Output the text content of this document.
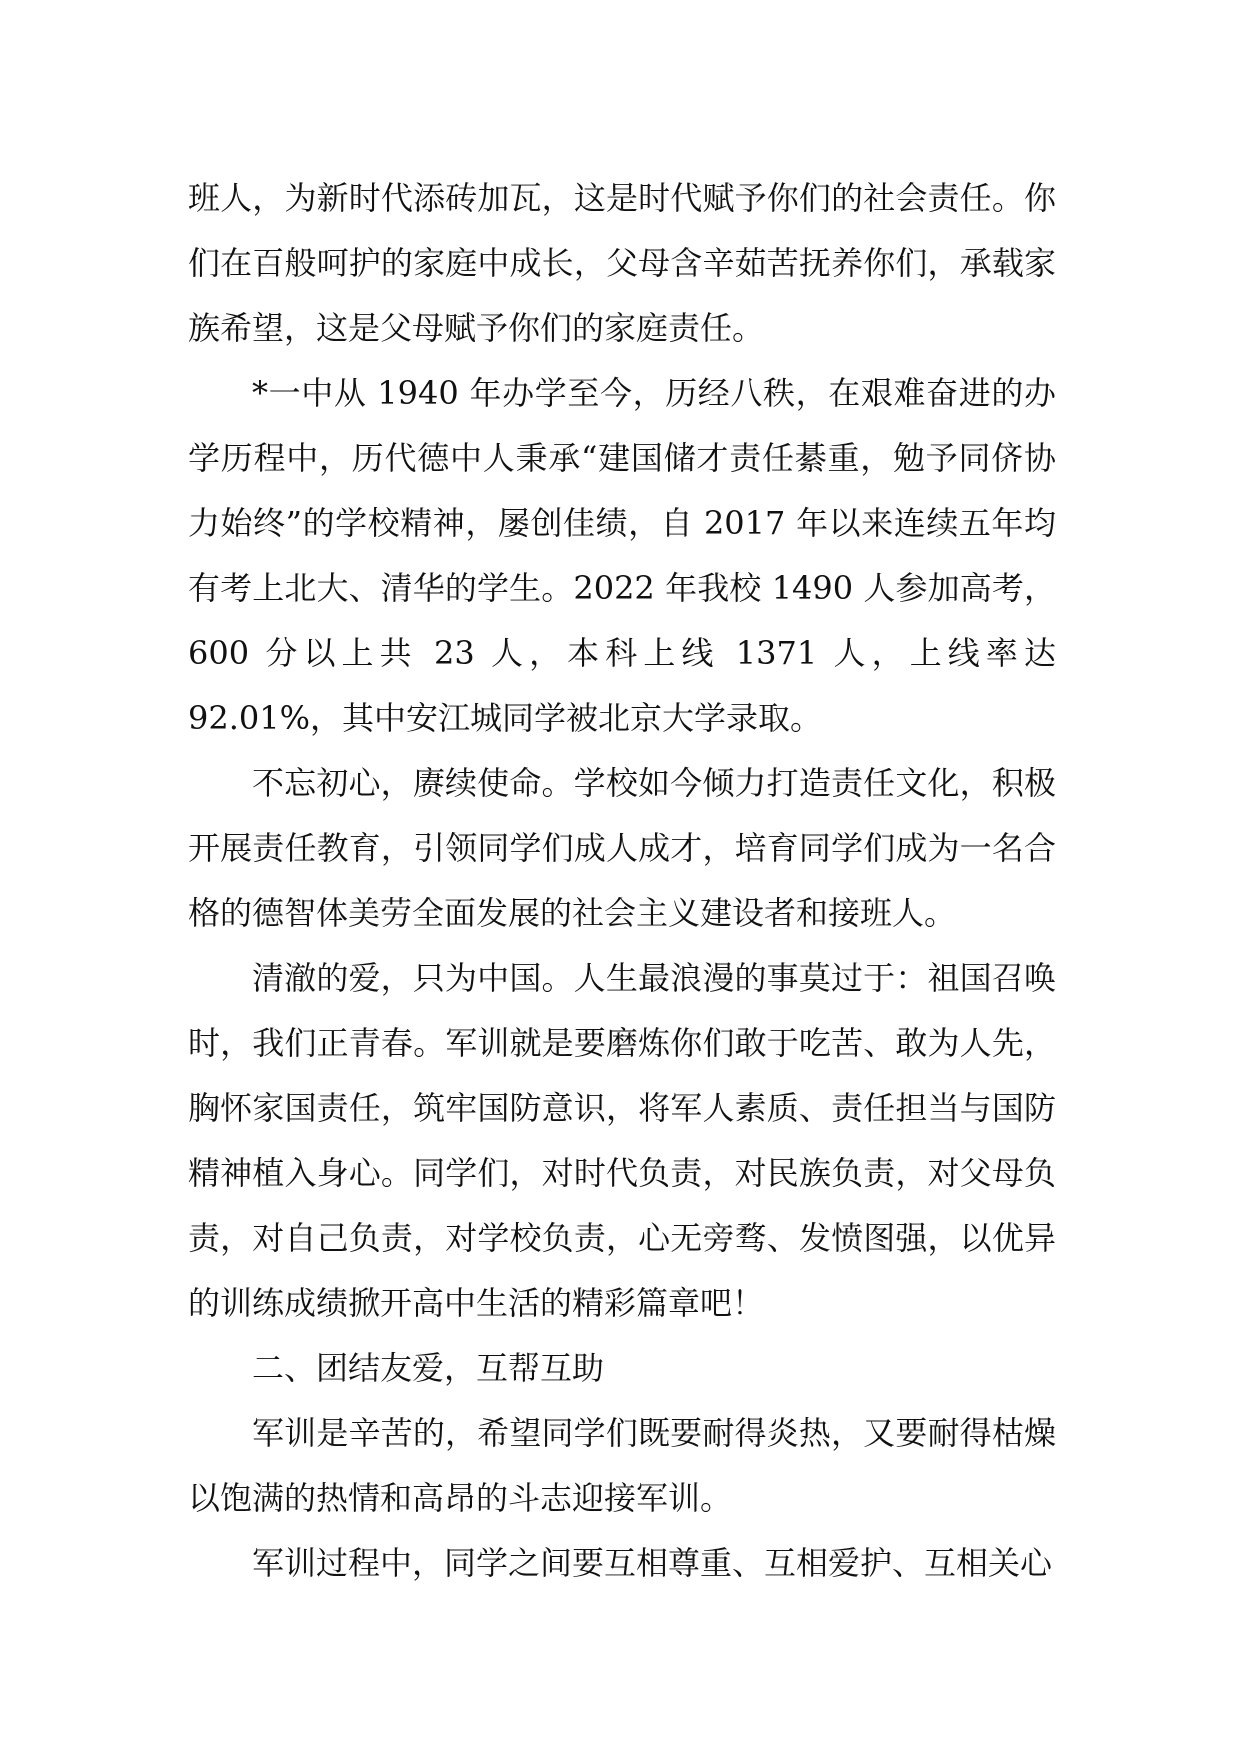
班人，为新时代添砖加瓦，这是时代赋予你们的社会责任。你们在百般呵护的家庭中成长，父母含辛茹苦抚养你们，承载家族希望，这是父母赋予你们的家庭责任。

*一中从 1940 年办学至今，历经八秩，在艰难奋进的办学历程中，历代德中人秉承“建国储才责任綦重，勉予同侪协力始终”的学校精神，屡创佳绩，自 2017 年以来连续五年均有考上北大、清华的学生。2022 年我校 1490 人参加高考，600 分以上共 23 人，本科上线 1371 人，上线率达 92.01%，其中安江城同学被北京大学录取。

不忘初心，赓续使命。学校如今倾力打造责任文化，积极开展责任教育，引领同学们成人成才，培育同学们成为一名合格的德智体美劳全面发展的社会主义建设者和接班人。

清澈的爱，只为中国。人生最浪漫的事莫过于：祖国召唤时，我们正青春。军训就是要磨炼你们敢于吃苦、敢为人先，胸怀家国责任，筑牢国防意识，将军人素质、责任担当与国防精神植入身心。同学们，对时代负责，对民族负责，对父母负责，对自己负责，对学校负责，心无旁骛、发愤图强，以优异的训练成绩掀开高中生活的精彩篇章吧！

二、团结友爱，互帮互助

军训是辛苦的，希望同学们既要耐得炎热，又要耐得枯燥以饱满的热情和高昂的斗志迎接军训。

军训过程中，同学之间要互相尊重、互相爱护、互相关心
